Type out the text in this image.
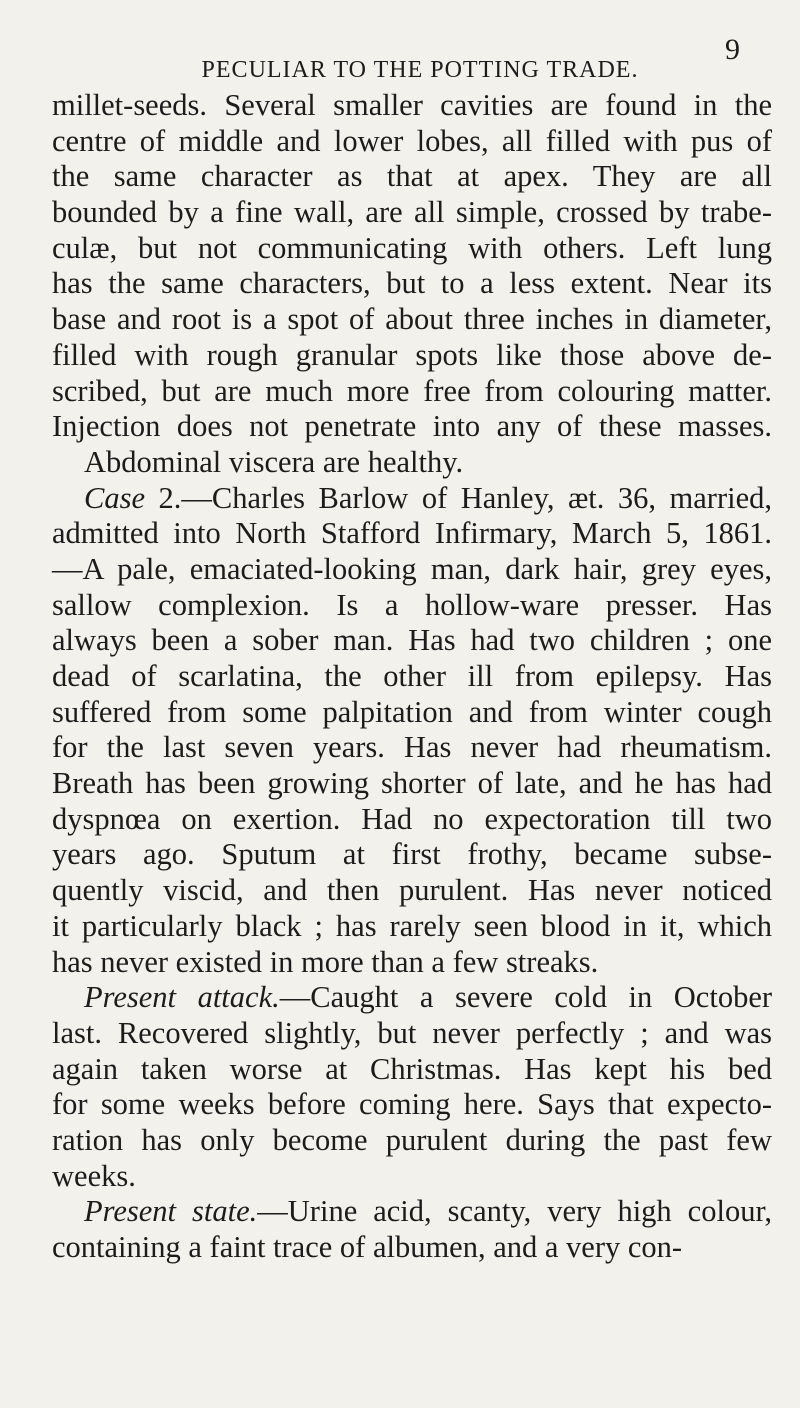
PECULIAR TO THE POTTING TRADE.
9
millet-seeds. Several smaller cavities are found in the
centre of middle and lower lobes, all filled with pus of
the same character as that at apex. They are all
bounded by a fine wall, are all simple, crossed by trabe-
culæ, but not communicating with others. Left lung
has the same characters, but to a less extent. Near its
base and root is a spot of about three inches in diameter,
filled with rough granular spots like those above de-
scribed, but are much more free from colouring matter.
Injection does not penetrate into any of these masses.
Abdominal viscera are healthy.
Case 2.—Charles Barlow of Hanley, æt. 36, married,
admitted into North Stafford Infirmary, March 5, 1861.
—A pale, emaciated-looking man, dark hair, grey eyes,
sallow complexion. Is a hollow-ware presser. Has
always been a sober man. Has had two children ; one
dead of scarlatina, the other ill from epilepsy. Has
suffered from some palpitation and from winter cough
for the last seven years. Has never had rheumatism.
Breath has been growing shorter of late, and he has had
dyspnœa on exertion. Had no expectoration till two
years ago. Sputum at first frothy, became subse-
quently viscid, and then purulent. Has never noticed
it particularly black ; has rarely seen blood in it, which
has never existed in more than a few streaks.
Present attack.—Caught a severe cold in October
last. Recovered slightly, but never perfectly ; and was
again taken worse at Christmas. Has kept his bed
for some weeks before coming here. Says that expecto-
ration has only become purulent during the past few
weeks.
Present state.—Urine acid, scanty, very high colour,
containing a faint trace of albumen, and a very con-
